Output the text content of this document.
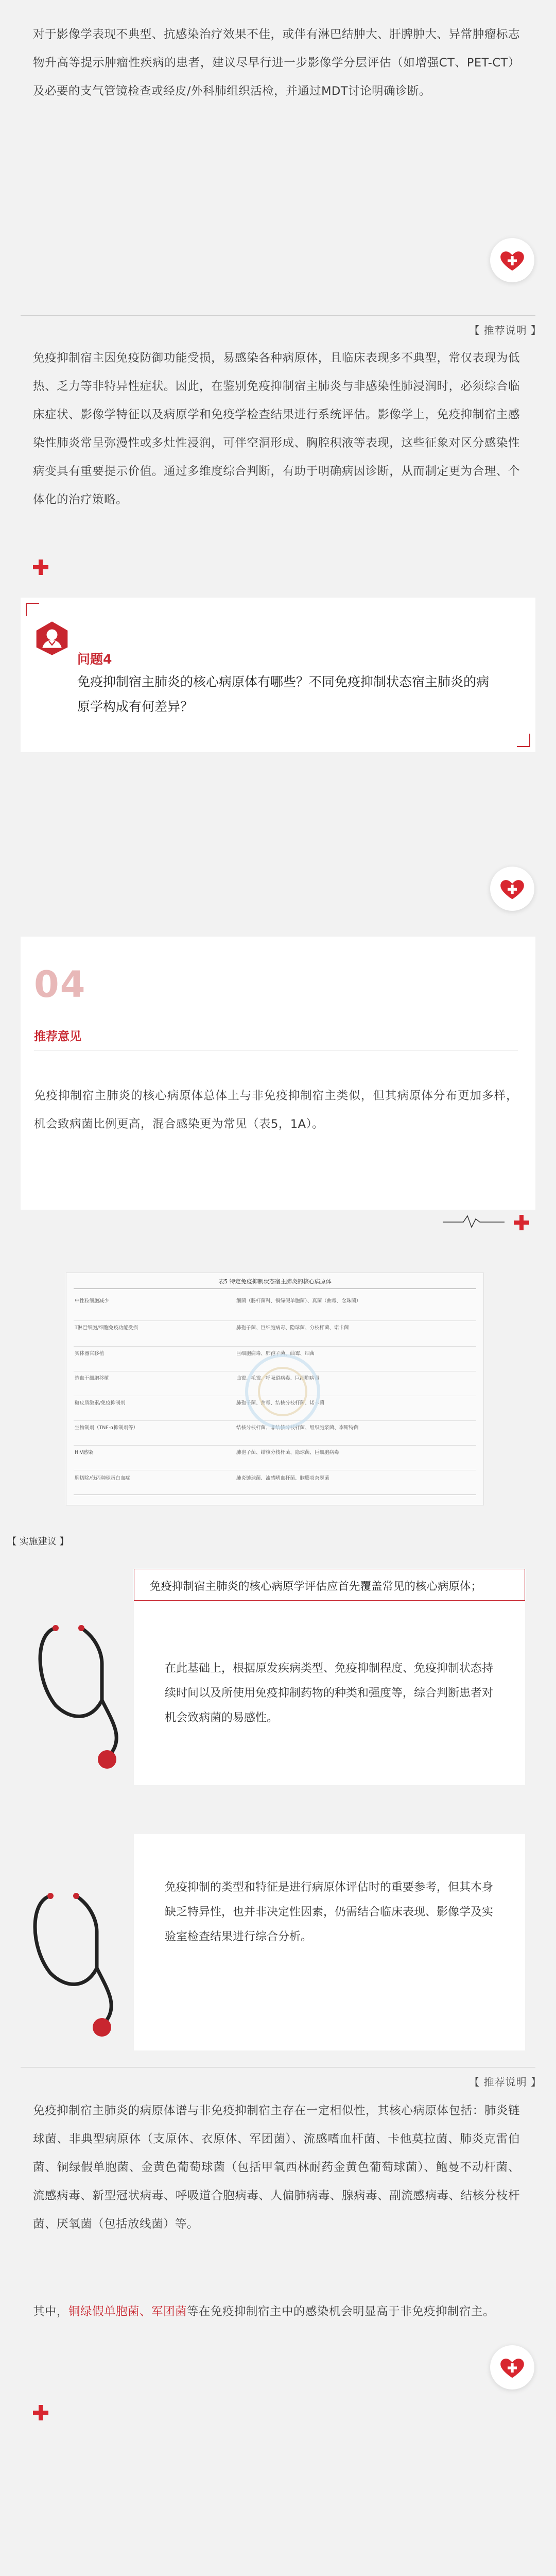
对于影像学表现不典型、抗感染治疗效果不佳，或伴有淋巴结肿大、肝脾肿大、异常肿瘤标志物升高等提示肿瘤性疾病的患者，建议尽早行进一步影像学分层评估（如增强CT、PET-CT）及必要的支气管镜检查或经皮/外科肺组织活检，并通过MDT讨论明确诊断。
【 推荐说明 】
免疫抑制宿主因免疫防御功能受损，易感染各种病原体，且临床表现多不典型，常仅表现为低热、乏力等非特异性症状。因此，在鉴别免疫抑制宿主肺炎与非感染性肺浸润时，必须综合临床症状、影像学特征以及病原学和免疫学检查结果进行系统评估。影像学上，免疫抑制宿主感染性肺炎常呈弥漫性或多灶性浸润，可伴空洞形成、胸腔积液等表现，这些征象对区分感染性病变具有重要提示价值。通过多维度综合判断，有助于明确病因诊断，从而制定更为合理、个体化的治疗策略。
问题4
免疫抑制宿主肺炎的核心病原体有哪些？不同免疫抑制状态宿主肺炎的病原学构成有何差异？
04
推荐意见
免疫抑制宿主肺炎的核心病原体总体上与非免疫抑制宿主类似，但其病原体分布更加多样，机会致病菌比例更高，混合感染更为常见（表5，1A）。
表5 特定免疫抑制状态宿主肺炎的核心病原体
中性粒细胞减少	细菌（肠杆菌科、铜绿假单胞菌）、真菌（曲霉、念珠菌）
T淋巴细胞/细胞免疫功能受损	肺孢子菌、巨细胞病毒、隐球菌、分枝杆菌、诺卡菌
实体器官移植	巨细胞病毒、肺孢子菌、曲霉、细菌
造血干细胞移植	曲霉、毛霉、呼吸道病毒、巨细胞病毒
糖皮质激素/免疫抑制剂	肺孢子菌、曲霉、结核分枝杆菌、诺卡菌
生物制剂（TNF-α抑制剂等）	结核分枝杆菌、非结核分枝杆菌、组织胞浆菌、李斯特菌
HIV感染	肺孢子菌、结核分枝杆菌、隐球菌、巨细胞病毒
脾切除/低丙种球蛋白血症	肺炎链球菌、流感嗜血杆菌、脑膜炎奈瑟菌
【 实施建议 】
免疫抑制宿主肺炎的核心病原学评估应首先覆盖常见的核心病原体；
在此基础上，根据原发疾病类型、免疫抑制程度、免疫抑制状态持续时间以及所使用免疫抑制药物的种类和强度等，综合判断患者对机会致病菌的易感性。
免疫抑制的类型和特征是进行病原体评估时的重要参考，但其本身缺乏特异性，也并非决定性因素，仍需结合临床表现、影像学及实验室检查结果进行综合分析。
【 推荐说明 】
免疫抑制宿主肺炎的病原体谱与非免疫抑制宿主存在一定相似性，其核心病原体包括：肺炎链球菌、非典型病原体（支原体、衣原体、军团菌）、流感嗜血杆菌、卡他莫拉菌、肺炎克雷伯菌、铜绿假单胞菌、金黄色葡萄球菌（包括甲氧西林耐药金黄色葡萄球菌）、鲍曼不动杆菌、流感病毒、新型冠状病毒、呼吸道合胞病毒、人偏肺病毒、腺病毒、副流感病毒、结核分枝杆菌、厌氧菌（包括放线菌）等。
其中，铜绿假单胞菌、军团菌等在免疫抑制宿主中的感染机会明显高于非免疫抑制宿主。
